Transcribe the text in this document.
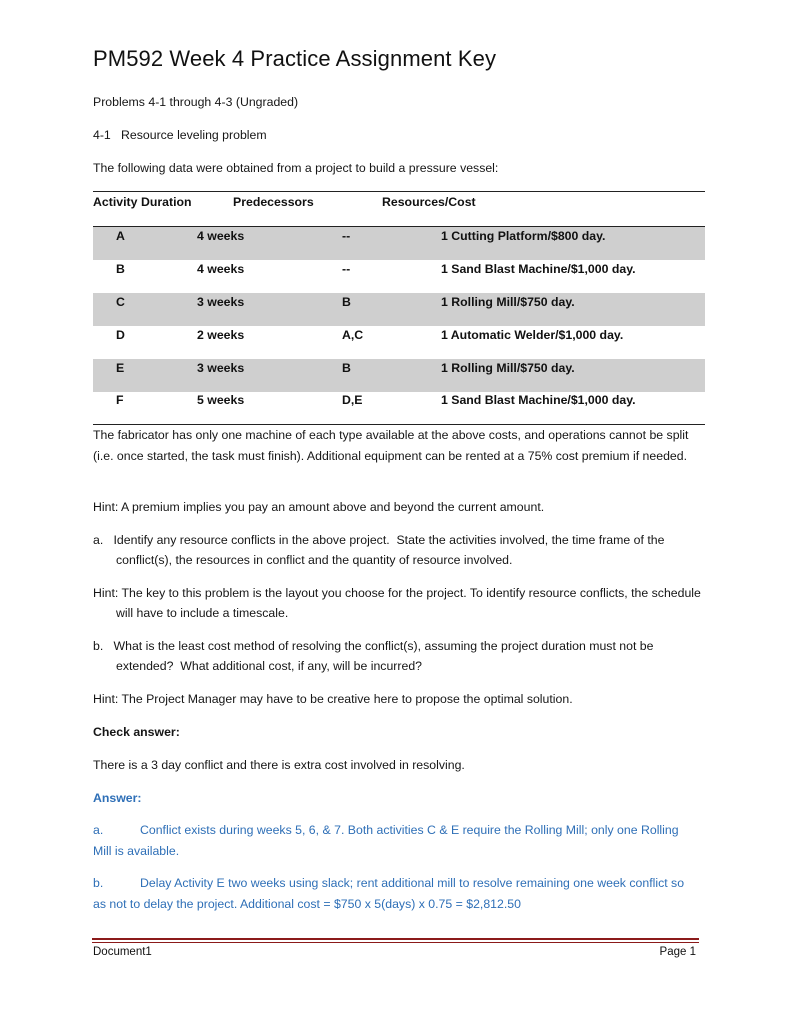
PM592 Week 4 Practice Assignment Key
Problems 4-1 through 4-3 (Ungraded)
4-1   Resource leveling problem
The following data were obtained from a project to build a pressure vessel:
Activity Duration	Predecessors	Resources/Cost
A	4 weeks	--	1 Cutting Platform/$800 day.
B	4 weeks	--	1 Sand Blast Machine/$1,000 day.
C	3 weeks	B	1 Rolling Mill/$750 day.
D	2 weeks	A,C	1 Automatic Welder/$1,000 day.
E	3 weeks	B	1 Rolling Mill/$750 day.
F	5 weeks	D,E	1 Sand Blast Machine/$1,000 day.
The fabricator has only one machine of each type available at the above costs, and operations cannot be split (i.e. once started, the task must finish). Additional equipment can be rented at a 75% cost premium if needed.
Hint: A premium implies you pay an amount above and beyond the current amount.
a.   Identify any resource conflicts in the above project.  State the activities involved, the time frame of the conflict(s), the resources in conflict and the quantity of resource involved.
Hint: The key to this problem is the layout you choose for the project. To identify resource conflicts, the schedule will have to include a timescale.
b.   What is the least cost method of resolving the conflict(s), assuming the project duration must not be extended?  What additional cost, if any, will be incurred?
Hint: The Project Manager may have to be creative here to propose the optimal solution.
Check answer:
There is a 3 day conflict and there is extra cost involved in resolving.
Answer:
a.	Conflict exists during weeks 5, 6, & 7. Both activities C & E require the Rolling Mill; only one Rolling Mill is available.
b.	Delay Activity E two weeks using slack; rent additional mill to resolve remaining one week conflict so as not to delay the project. Additional cost = $750 x 5(days) x 0.75 = $2,812.50
Document1	Page 1
